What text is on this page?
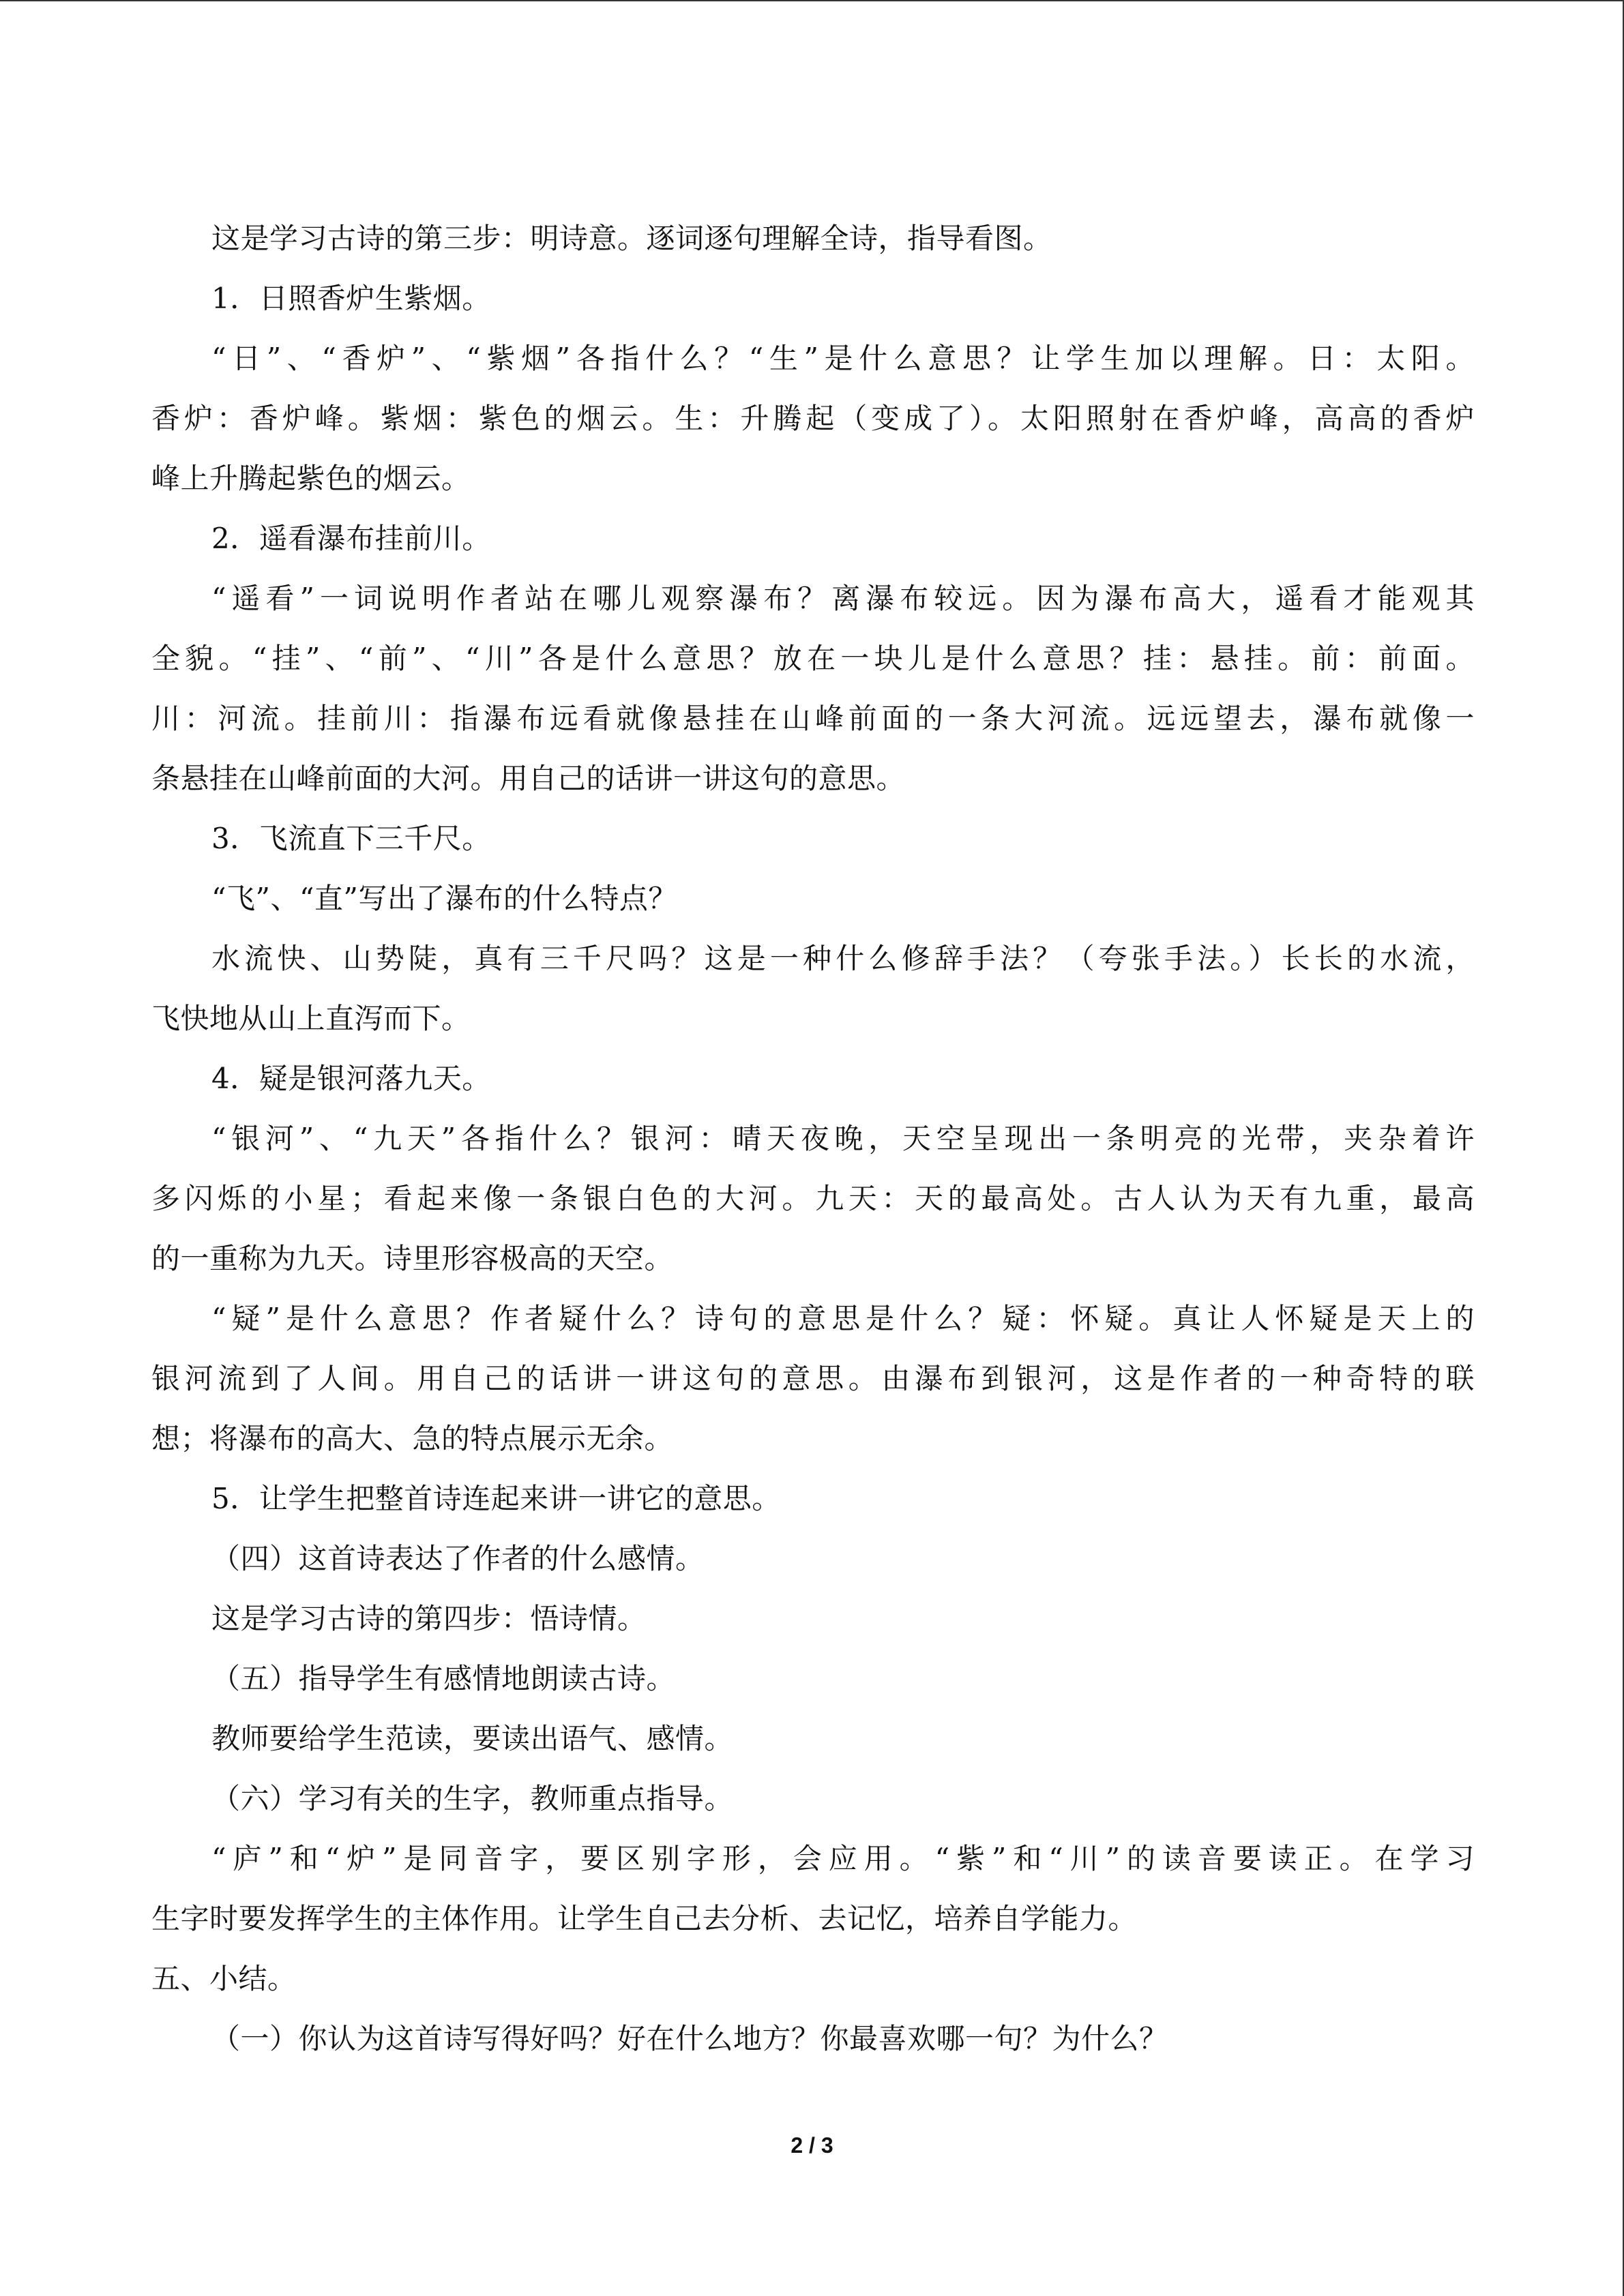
这是学习古诗的第三步：明诗意。逐词逐句理解全诗，指导看图。
1．日照香炉生紫烟。
“日”、“香炉”、“紫烟”各指什么？“生”是什么意思？让学生加以理解。日：太阳。
香炉：香炉峰。紫烟：紫色的烟云。生：升腾起（变成了）。太阳照射在香炉峰，高高的香炉
峰上升腾起紫色的烟云。
2．遥看瀑布挂前川。
“遥看”一词说明作者站在哪儿观察瀑布？离瀑布较远。因为瀑布高大，遥看才能观其
全貌。“挂”、“前”、“川”各是什么意思？放在一块儿是什么意思？挂：悬挂。前：前面。
川：河流。挂前川：指瀑布远看就像悬挂在山峰前面的一条大河流。远远望去，瀑布就像一
条悬挂在山峰前面的大河。用自己的话讲一讲这句的意思。
3．飞流直下三千尺。
“飞”、“直”写出了瀑布的什么特点？
水流快、山势陡，真有三千尺吗？这是一种什么修辞手法？（夸张手法。）长长的水流，
飞快地从山上直泻而下。
4．疑是银河落九天。
“银河”、“九天”各指什么？银河：晴天夜晚，天空呈现出一条明亮的光带，夹杂着许
多闪烁的小星；看起来像一条银白色的大河。九天：天的最高处。古人认为天有九重，最高
的一重称为九天。诗里形容极高的天空。
“疑”是什么意思？作者疑什么？诗句的意思是什么？疑：怀疑。真让人怀疑是天上的
银河流到了人间。用自己的话讲一讲这句的意思。由瀑布到银河，这是作者的一种奇特的联
想；将瀑布的高大、急的特点展示无余。
5．让学生把整首诗连起来讲一讲它的意思。
（四）这首诗表达了作者的什么感情。
这是学习古诗的第四步：悟诗情。
（五）指导学生有感情地朗读古诗。
教师要给学生范读，要读出语气、感情。
（六）学习有关的生字，教师重点指导。
“庐”和“炉”是同音字，要区别字形，会应用。“紫”和“川”的读音要读正。在学习
生字时要发挥学生的主体作用。让学生自己去分析、去记忆，培养自学能力。
五、小结。
（一）你认为这首诗写得好吗？好在什么地方？你最喜欢哪一句？为什么？
2 / 3
